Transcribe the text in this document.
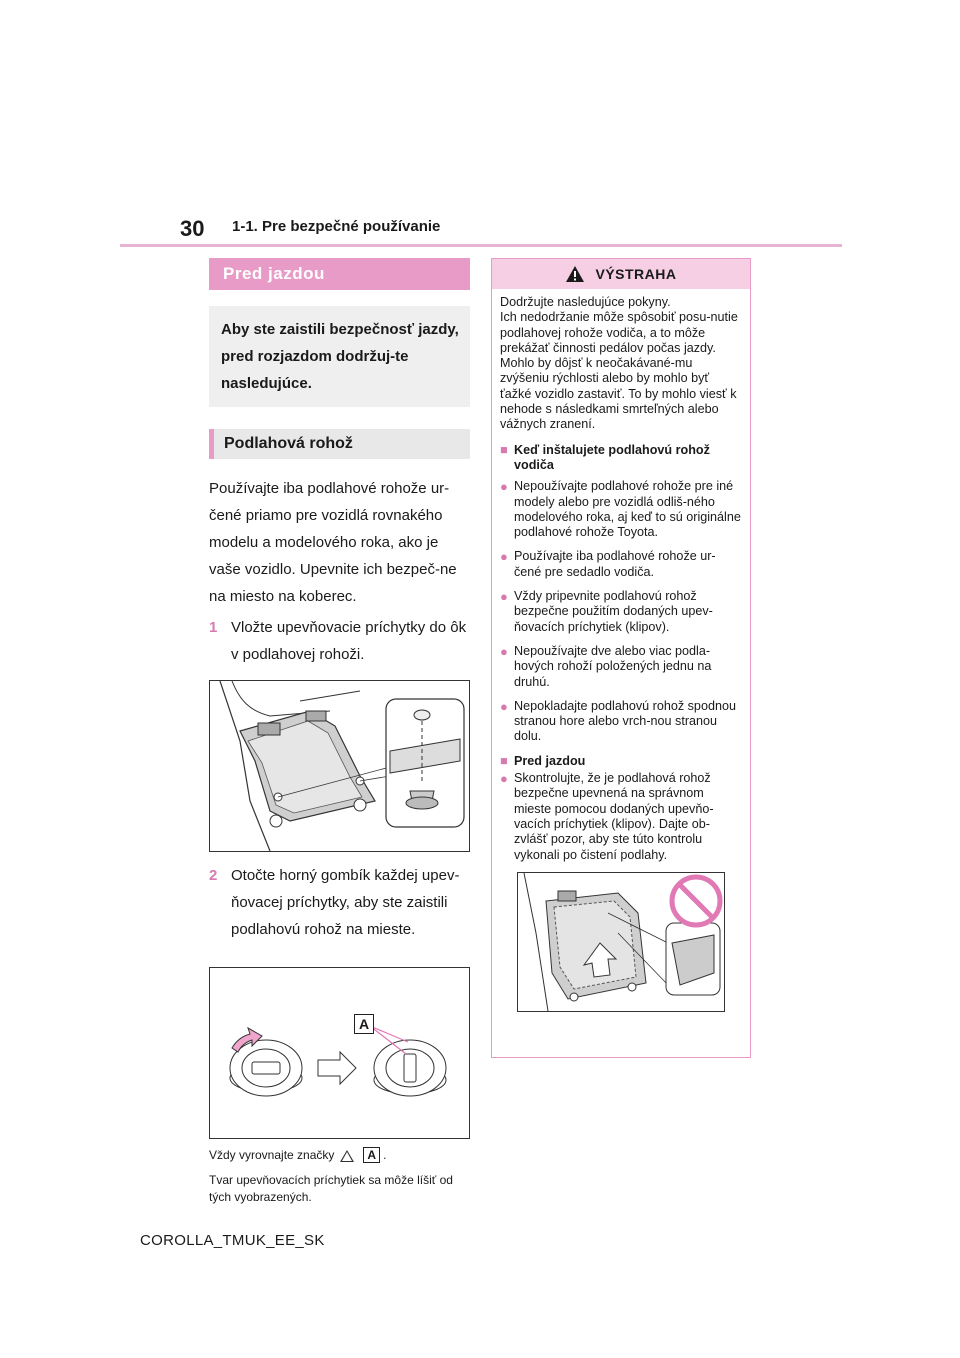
30 1-1. Pre bezpečné používanie
Pred jazdou
Aby ste zaistili bezpečnosť jazdy, pred rozjazdom dodržuj-te nasledujúce.
Podlahová rohož

Používajte iba podlahové rohože ur-čené priamo pre vozidlá rovnakého modelu a modelového roka, ako je vaše vozidlo. Upevnite ich bezpeč-ne na miesto na koberec.

1 Vložte upevňovacie príchytky do ôk v podlahovej rohoži.
2 Otočte horný gombík každej upev-ňovacej príchytky, aby ste zaistili podlahovú rohož na mieste.
A
Vždy vyrovnajte značky	A .
Tvar upevňovacích príchytiek sa môže líšiť od tých vyobrazených.
VÝSTRAHA
Dodržujte nasledujúce pokyny.
Ich nedodržanie môže spôsobiť posu-nutie podlahovej rohože vodiča, a to môže prekážať činnosti pedálov počas jazdy. Mohlo by dôjsť k neočakávané-mu zvýšeniu rýchlosti alebo by mohlo byť ťažké vozidlo zastaviť. To by mohlo viesť k nehode s následkami smrteľných alebo vážnych zranení.
■ Keď inštalujete podlahovú rohož vodiča
● Nepoužívajte podlahové rohože pre iné modely alebo pre vozidlá odliš-ného modelového roka, aj keď to sú originálne podlahové rohože Toyota.
● Používajte iba podlahové rohože ur-čené pre sedadlo vodiča.
● Vždy pripevnite podlahovú rohož bezpečne použitím dodaných upev-ňovacích príchytiek (klipov).
● Nepoužívajte dve alebo viac podla-hových rohoží položených jednu na druhú.
● Nepokladajte podlahovú rohož spodnou stranou hore alebo vrch-nou stranou dolu.
■ Pred jazdou
● Skontrolujte, že je podlahová rohož bezpečne upevnená na správnom mieste pomocou dodaných upevňo-vacích príchytiek (klipov). Dajte ob-zvlášť pozor, aby ste túto kontrolu vykonali po čistení podlahy.
COROLLA_TMUK_EE_SK
